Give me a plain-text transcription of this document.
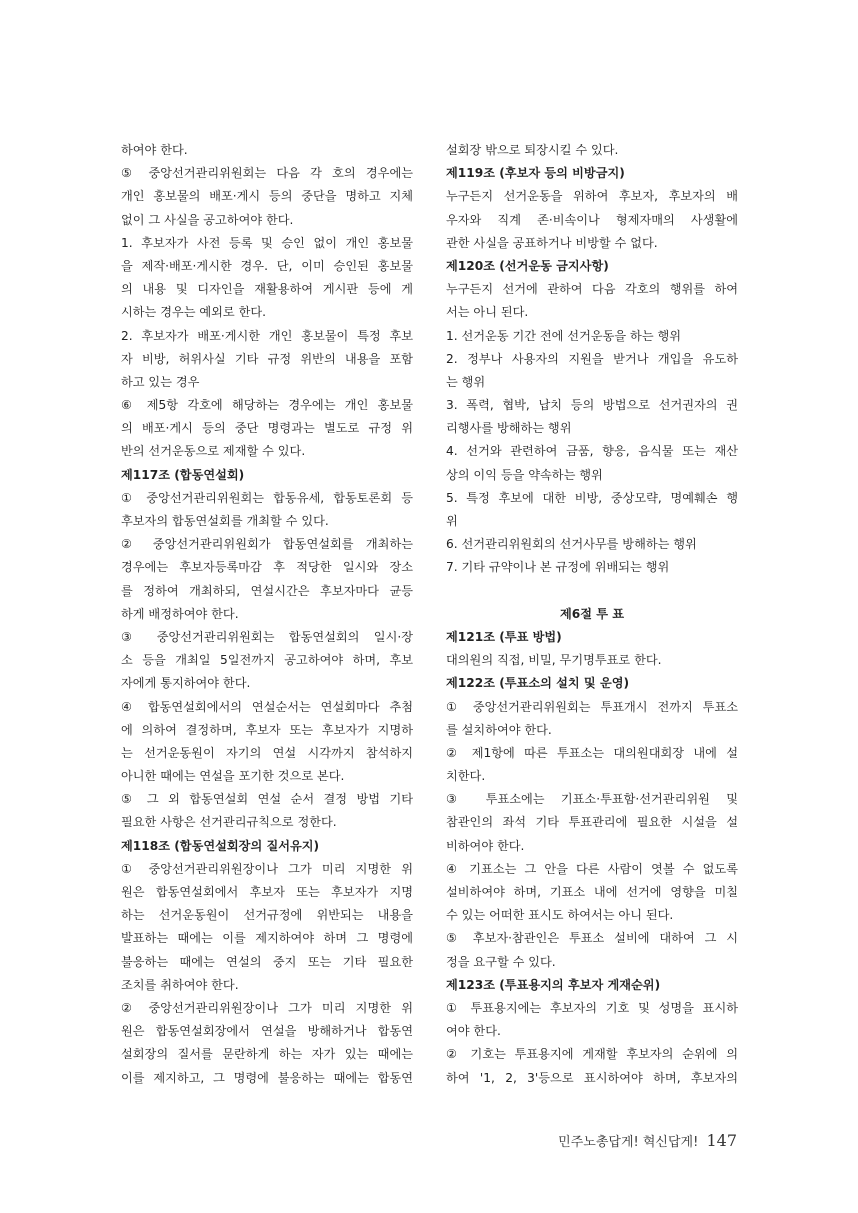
하여야 한다.
⑤ 중앙선거관리위원회는 다음 각 호의 경우에는
개인 홍보물의 배포·게시 등의 중단을 명하고 지체
없이 그 사실을 공고하여야 한다.
1. 후보자가 사전 등록 및 승인 없이 개인 홍보물
을 제작·배포·게시한 경우. 단, 이미 승인된 홍보물
의 내용 및 디자인을 재활용하여 게시판 등에 게
시하는 경우는 예외로 한다.
2. 후보자가 배포·게시한 개인 홍보물이 특정 후보
자 비방, 허위사실 기타 규정 위반의 내용을 포함
하고 있는 경우
⑥ 제5항 각호에 해당하는 경우에는 개인 홍보물
의 배포·게시 등의 중단 명령과는 별도로 규정 위
반의 선거운동으로 제재할 수 있다.
제117조 (합동연설회)
① 중앙선거관리위원회는 합동유세, 합동토론회 등
후보자의 합동연설회를 개최할 수 있다.
② 중앙선거관리위원회가 합동연설회를 개최하는
경우에는 후보자등록마감 후 적당한 일시와 장소
를 정하여 개최하되, 연설시간은 후보자마다 균등
하게 배정하여야 한다.
③ 중앙선거관리위원회는 합동연설회의 일시·장
소 등을 개최일 5일전까지 공고하여야 하며, 후보
자에게 통지하여야 한다.
④ 합동연설회에서의 연설순서는 연설회마다 추첨
에 의하여 결정하며, 후보자 또는 후보자가 지명하
는 선거운동원이 자기의 연설 시각까지 참석하지
아니한 때에는 연설을 포기한 것으로 본다.
⑤ 그 외 합동연설회 연설 순서 결정 방법 기타
필요한 사항은 선거관리규칙으로 정한다.
제118조 (합동연설회장의 질서유지)
① 중앙선거관리위원장이나 그가 미리 지명한 위
원은 합동연설회에서 후보자 또는 후보자가 지명
하는 선거운동원이 선거규정에 위반되는 내용을
발표하는 때에는 이를 제지하여야 하며 그 명령에
불응하는 때에는 연설의 중지 또는 기타 필요한
조치를 취하여야 한다.
② 중앙선거관리위원장이나 그가 미리 지명한 위
원은 합동연설회장에서 연설을 방해하거나 합동연
설회장의 질서를 문란하게 하는 자가 있는 때에는
이를 제지하고, 그 명령에 불응하는 때에는 합동연
설회장 밖으로 퇴장시킬 수 있다.
제119조 (후보자 등의 비방금지)
누구든지 선거운동을 위하여 후보자, 후보자의 배
우자와 직계 존·비속이나 형제자매의 사생활에
관한 사실을 공표하거나 비방할 수 없다.
제120조 (선거운동 금지사항)
누구든지 선거에 관하여 다음 각호의 행위를 하여
서는 아니 된다.
1. 선거운동 기간 전에 선거운동을 하는 행위
2. 정부나 사용자의 지원을 받거나 개입을 유도하
는 행위
3. 폭력, 협박, 납치 등의 방법으로 선거권자의 권
리행사를 방해하는 행위
4. 선거와 관련하여 금품, 향응, 음식물 또는 재산
상의 이익 등을 약속하는 행위
5. 특정 후보에 대한 비방, 중상모략, 명예훼손 행
위
6. 선거관리위원회의 선거사무를 방해하는 행위
7. 기타 규약이나 본 규정에 위배되는 행위
제6절 투 표
제121조 (투표 방법)
대의원의 직접, 비밀, 무기명투표로 한다.
제122조 (투표소의 설치 및 운영)
① 중앙선거관리위원회는 투표개시 전까지 투표소
를 설치하여야 한다.
② 제1항에 따른 투표소는 대의원대회장 내에 설
치한다.
③ 투표소에는 기표소·투표함·선거관리위원 및
참관인의 좌석 기타 투표관리에 필요한 시설을 설
비하여야 한다.
④ 기표소는 그 안을 다른 사람이 엿볼 수 없도록
설비하여야 하며, 기표소 내에 선거에 영향을 미칠
수 있는 어떠한 표시도 하여서는 아니 된다.
⑤ 후보자·참관인은 투표소 설비에 대하여 그 시
정을 요구할 수 있다.
제123조 (투표용지의 후보자 게재순위)
① 투표용지에는 후보자의 기호 및 성명을 표시하
여야 한다.
② 기호는 투표용지에 게재할 후보자의 순위에 의
하여 '1, 2, 3'등으로 표시하여야 하며, 후보자의
민주노총답게! 혁신답게! 147
